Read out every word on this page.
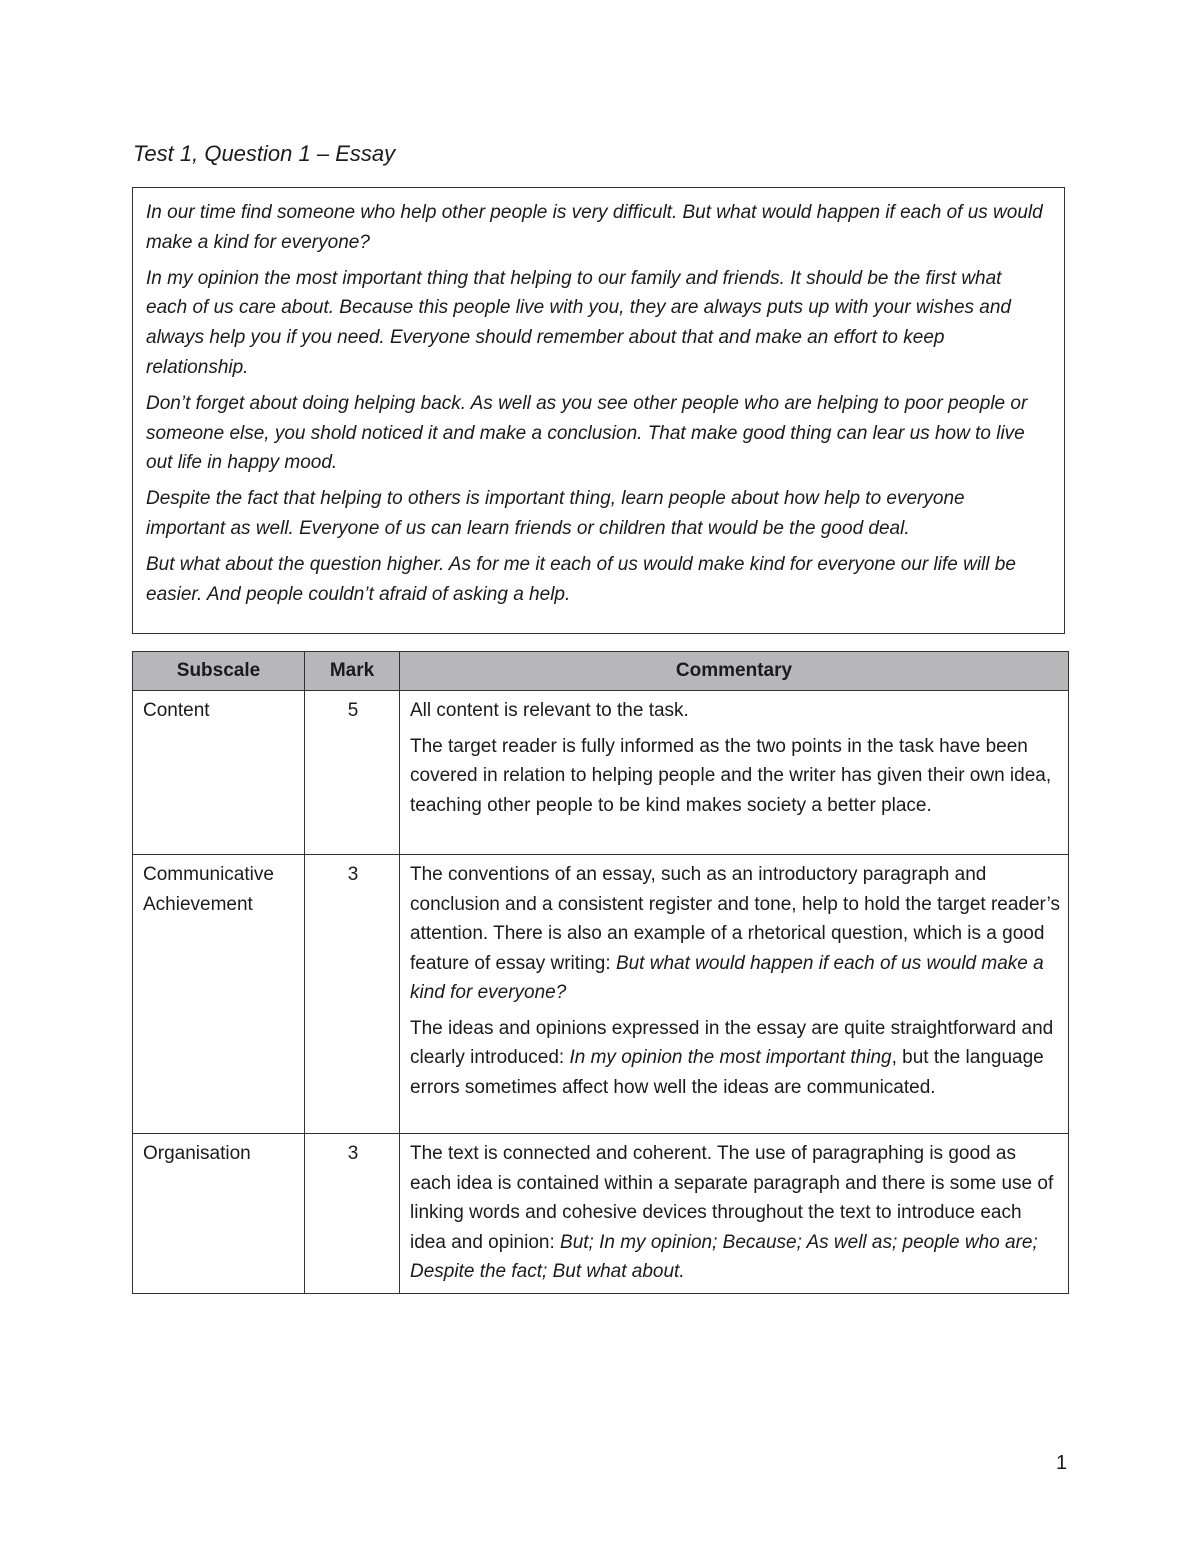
Test 1, Question 1 – Essay

In our time find someone who help other people is very difficult. But what would happen if each of us would make a kind for everyone?

In my opinion the most important thing that helping to our family and friends. It should be the first what each of us care about. Because this people live with you, they are always puts up with your wishes and always help you if you need. Everyone should remember about that and make an effort to keep relationship.

Don’t forget about doing helping back. As well as you see other people who are helping to poor people or someone else, you shold noticed it and make a conclusion. That make good thing can lear us how to live out life in happy mood.

Despite the fact that helping to others is important thing, learn people about how help to everyone important as well. Everyone of us can learn friends or children that would be the good deal.

But what about the question higher. As for me it each of us would make kind for everyone our life will be easier. And people couldn’t afraid of asking a help.

Subscale	Mark	Commentary
Content	5	All content is relevant to the task.

The target reader is fully informed as the two points in the task have been covered in relation to helping people and the writer has given their own idea, teaching other people to be kind makes society a better place.

Communicative Achievement	3	The conventions of an essay, such as an introductory paragraph and conclusion and a consistent register and tone, help to hold the target reader’s attention. There is also an example of a rhetorical question, which is a good feature of essay writing: But what would happen if each of us would make a kind for everyone?

The ideas and opinions expressed in the essay are quite straightforward and clearly introduced: In my opinion the most important thing, but the language errors sometimes affect how well the ideas are communicated.

Organisation	3	The text is connected and coherent. The use of paragraphing is good as each idea is contained within a separate paragraph and there is some use of linking words and cohesive devices throughout the text to introduce each idea and opinion: But; In my opinion; Because; As well as; people who are; Despite the fact; But what about.

1
